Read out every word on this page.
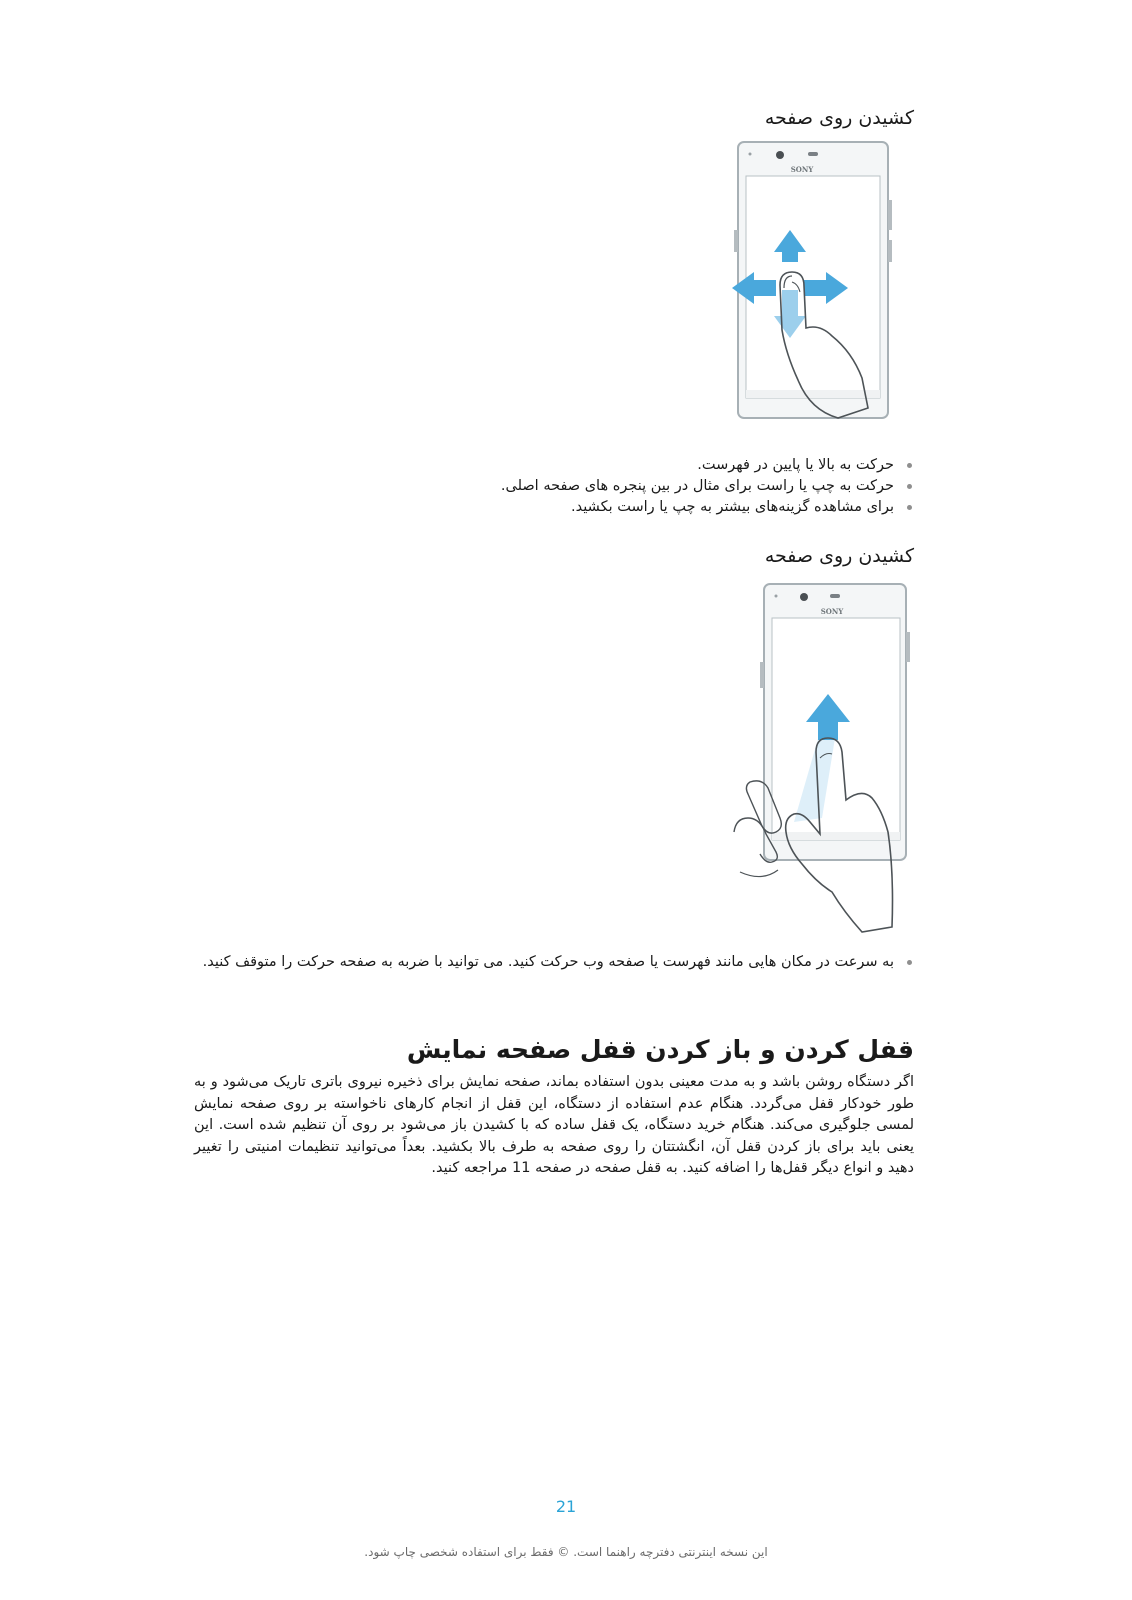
کشیدن روی صفحه
SONY
حرکت به بالا یا پایین در فهرست.
حرکت به چپ یا راست برای مثال در بین پنجره های صفحه اصلی.
برای مشاهده گزینه‌های بیشتر به چپ یا راست بکشید.
کشیدن روی صفحه
SONY
به سرعت در مکان هایی مانند فهرست یا صفحه وب حرکت کنید. می توانید با ضربه به صفحه حرکت را متوقف کنید.
قفل کردن و باز کردن قفل صفحه نمایش
اگر دستگاه روشن باشد و به مدت معینی بدون استفاده بماند، صفحه نمایش برای ذخیره نیروی باتری تاریک می‌شود و به طور خودکار قفل می‌گردد. هنگام عدم استفاده از دستگاه، این قفل از انجام کارهای ناخواسته بر روی صفحه نمایش لمسی جلوگیری می‌کند. هنگام خرید دستگاه، یک قفل ساده که با کشیدن باز می‌شود بر روی آن تنظیم شده است. این یعنی باید برای باز کردن قفل آن، انگشتتان را روی صفحه به طرف بالا بکشید. بعداً می‌توانید تنظیمات امنیتی را تغییر دهید و انواع دیگر قفل‌ها را اضافه کنید. به قفل صفحه در صفحه 11 مراجعه کنید.
21
این نسخه اینترنتی دفترچه راهنما است. © فقط برای استفاده شخصی چاپ شود.
